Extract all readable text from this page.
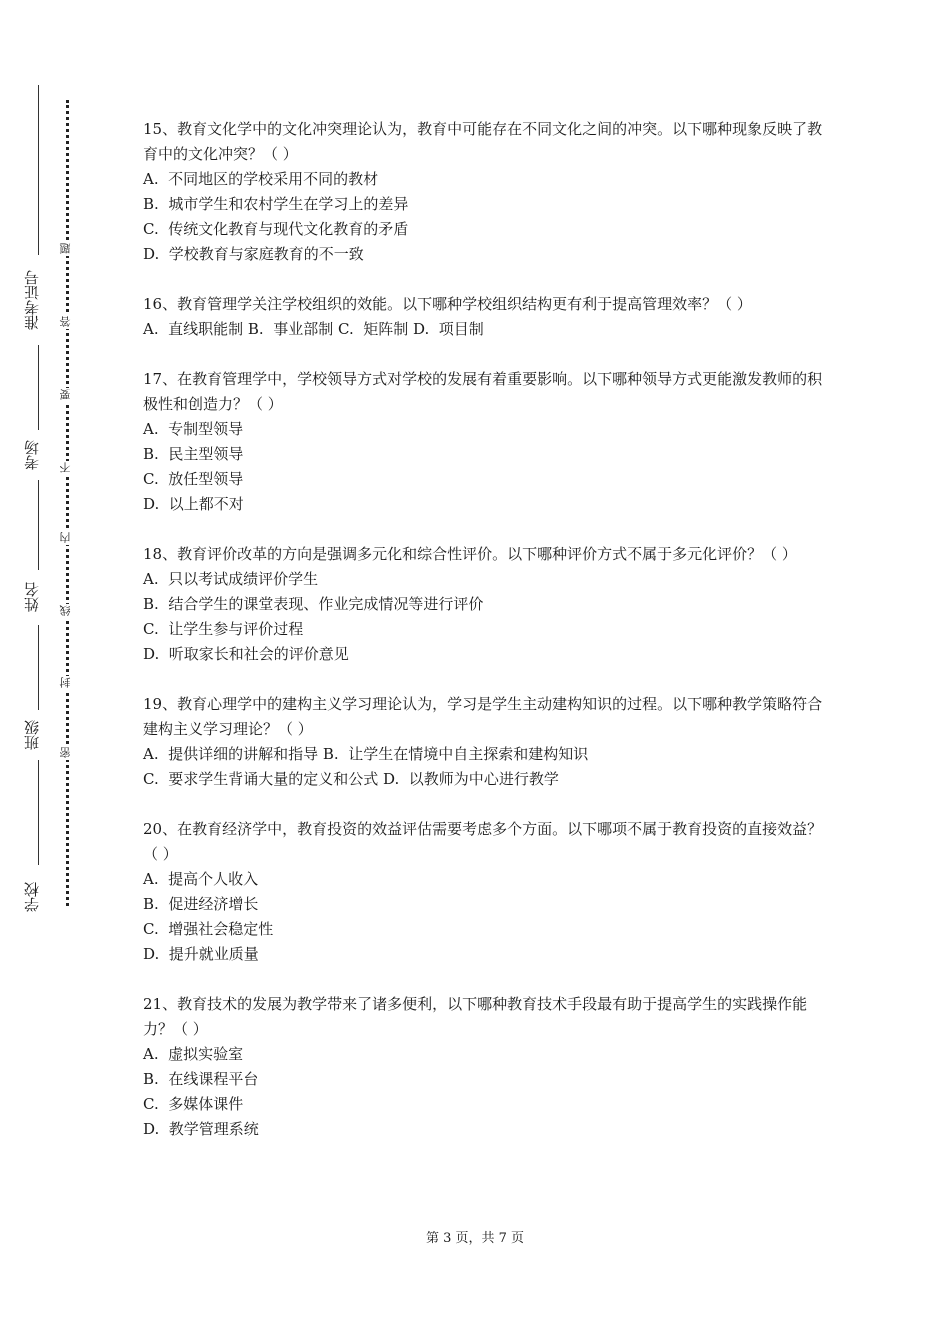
准考证号
考场
姓名
班级
学校
题
答
要
不
内
线
封
密
15、教育文化学中的文化冲突理论认为，教育中可能存在不同文化之间的冲突。以下哪种现象反映了教育中的文化冲突？（ ）
A.  不同地区的学校采用不同的教材
B.  城市学生和农村学生在学习上的差异
C.  传统文化教育与现代文化教育的矛盾
D.  学校教育与家庭教育的不一致
16、教育管理学关注学校组织的效能。以下哪种学校组织结构更有利于提高管理效率？（ ）
A.  直线职能制 B.  事业部制 C.  矩阵制 D.  项目制
17、在教育管理学中，学校领导方式对学校的发展有着重要影响。以下哪种领导方式更能激发教师的积极性和创造力？（ ）
A.  专制型领导
B.  民主型领导
C.  放任型领导
D.  以上都不对
18、教育评价改革的方向是强调多元化和综合性评价。以下哪种评价方式不属于多元化评价？（ ）
A.  只以考试成绩评价学生
B.  结合学生的课堂表现、作业完成情况等进行评价
C.  让学生参与评价过程
D.  听取家长和社会的评价意见
19、教育心理学中的建构主义学习理论认为，学习是学生主动建构知识的过程。以下哪种教学策略符合建构主义学习理论？（ ）
A.  提供详细的讲解和指导 B.  让学生在情境中自主探索和建构知识
C.  要求学生背诵大量的定义和公式 D.  以教师为中心进行教学
20、在教育经济学中，教育投资的效益评估需要考虑多个方面。以下哪项不属于教育投资的直接效益？（ ）
A.  提高个人收入
B.  促进经济增长
C.  增强社会稳定性
D.  提升就业质量
21、教育技术的发展为教学带来了诸多便利，以下哪种教育技术手段最有助于提高学生的实践操作能力？（ ）
A.  虚拟实验室
B.  在线课程平台
C.  多媒体课件
D.  教学管理系统
第 3 页，共 7 页
